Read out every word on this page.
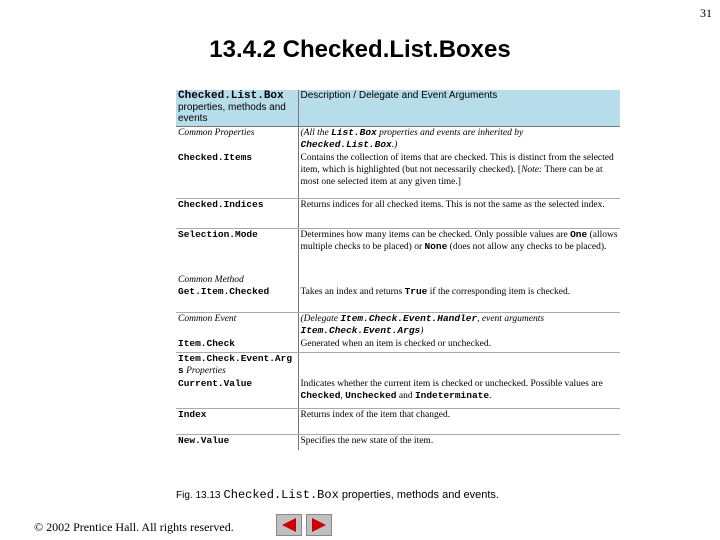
31
13.4.2 Checked.List.Boxes
Checked.List.Box
properties, methods and events	Description / Delegate and Event Arguments
Common Properties	(All the List.Box properties and events are inherited by Checked.List.Box.)
Checked.Items	Contains the collection of items that are checked. This is distinct from the selected item, which is highlighted (but not necessarily checked). [Note: There can be at most one selected item at any given time.]
Checked.Indices	Returns indices for all checked items. This is not the same as the selected index.
Selection.Mode	Determines how many items can be checked. Only possible values are One (allows multiple checks to be placed) or None (does not allow any checks to be placed).
Common Method	
Get.Item.Checked	Takes an index and returns True if the corresponding item is checked.
Common Event	(Delegate Item.Check.Event.Handler, event arguments Item.Check.Event.Args)
Item.Check	Generated when an item is checked or unchecked.
Item.Check.Event.Arg
s Properties	
Current.Value	Indicates whether the current item is checked or unchecked. Possible values are Checked, Unchecked and Indeterminate.
Index	Returns index of the item that changed.
New.Value	Specifies the new state of the item.
Fig. 13.13 Checked.List.Box properties, methods and events.
© 2002 Prentice Hall. All rights reserved.
